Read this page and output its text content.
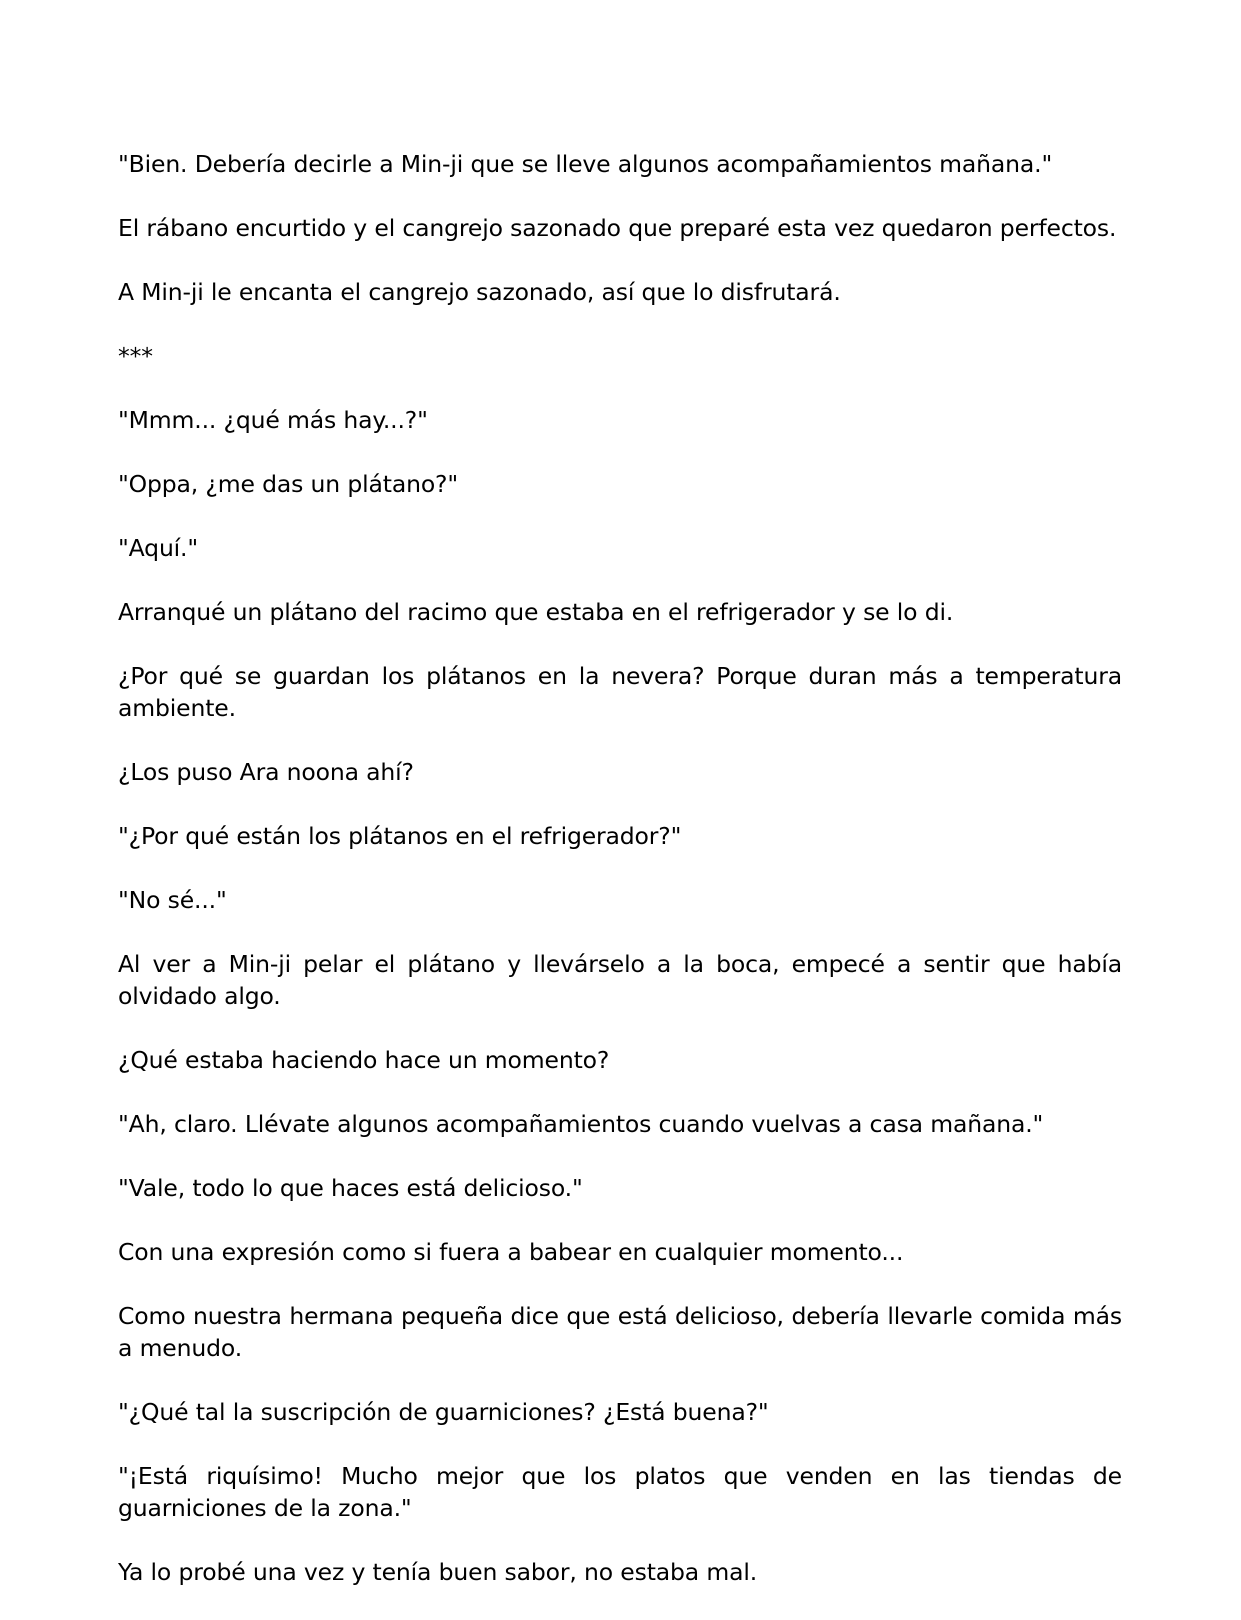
"Bien. Debería decirle a Min-ji que se lleve algunos acompañamientos mañana."

El rábano encurtido y el cangrejo sazonado que preparé esta vez quedaron perfectos.

A Min-ji le encanta el cangrejo sazonado, así que lo disfrutará.

***

"Mmm... ¿qué más hay...?"

"Oppa, ¿me das un plátano?"

"Aquí."

Arranqué un plátano del racimo que estaba en el refrigerador y se lo di.

¿Por qué se guardan los plátanos en la nevera? Porque duran más a temperatura ambiente.

¿Los puso Ara noona ahí?

"¿Por qué están los plátanos en el refrigerador?"

"No sé..."

Al ver a Min-ji pelar el plátano y llevárselo a la boca, empecé a sentir que había olvidado algo.

¿Qué estaba haciendo hace un momento?

"Ah, claro. Llévate algunos acompañamientos cuando vuelvas a casa mañana."

"Vale, todo lo que haces está delicioso."

Con una expresión como si fuera a babear en cualquier momento...

Como nuestra hermana pequeña dice que está delicioso, debería llevarle comida más a menudo.

"¿Qué tal la suscripción de guarniciones? ¿Está buena?"

"¡Está riquísimo! Mucho mejor que los platos que venden en las tiendas de guarniciones de la zona."

Ya lo probé una vez y tenía buen sabor, no estaba mal.
